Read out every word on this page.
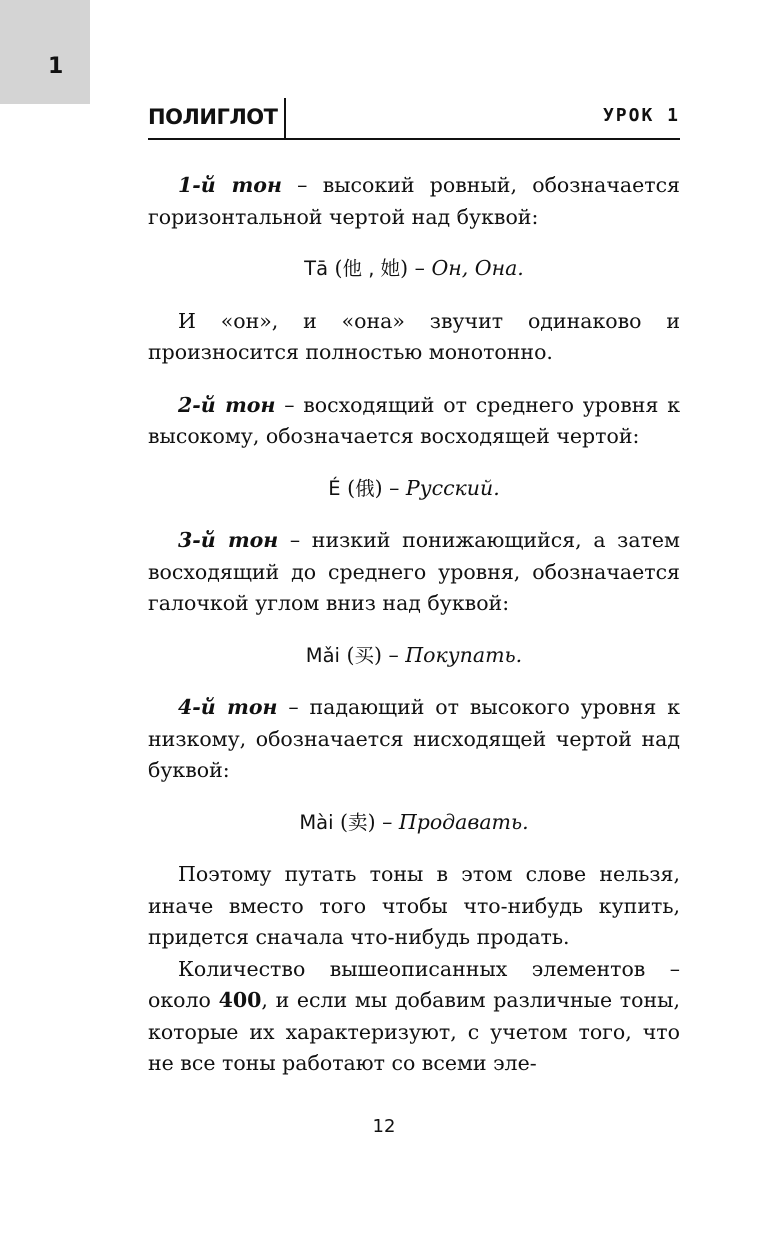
1
ПОЛИГЛОТ	УРОК 1

1-й тон – высокий ровный, обозначается горизонтальной чертой над буквой:

Tā (他 , 她) – Он, Она.

И «он», и «она» звучит одинаково и произносится полностью монотонно.

2-й тон – восходящий от среднего уровня к высокому, обозначается восходящей чертой:

É (俄) – Русский.

3-й тон – низкий понижающийся, а затем восходящий до среднего уровня, обозначается галочкой углом вниз над буквой:

Mǎi (买) – Покупать.

4-й тон – падающий от высокого уровня к низкому, обозначается нисходящей чертой над буквой:

Mài (卖) – Продавать.

Поэтому путать тоны в этом слове нельзя, иначе вместо того чтобы что-нибудь купить, придется сначала что-нибудь продать.

Количество вышеописанных элементов – около 400, и если мы добавим различные тоны, которые их характеризуют, с учетом того, что не все тоны работают со всеми эле-

12
